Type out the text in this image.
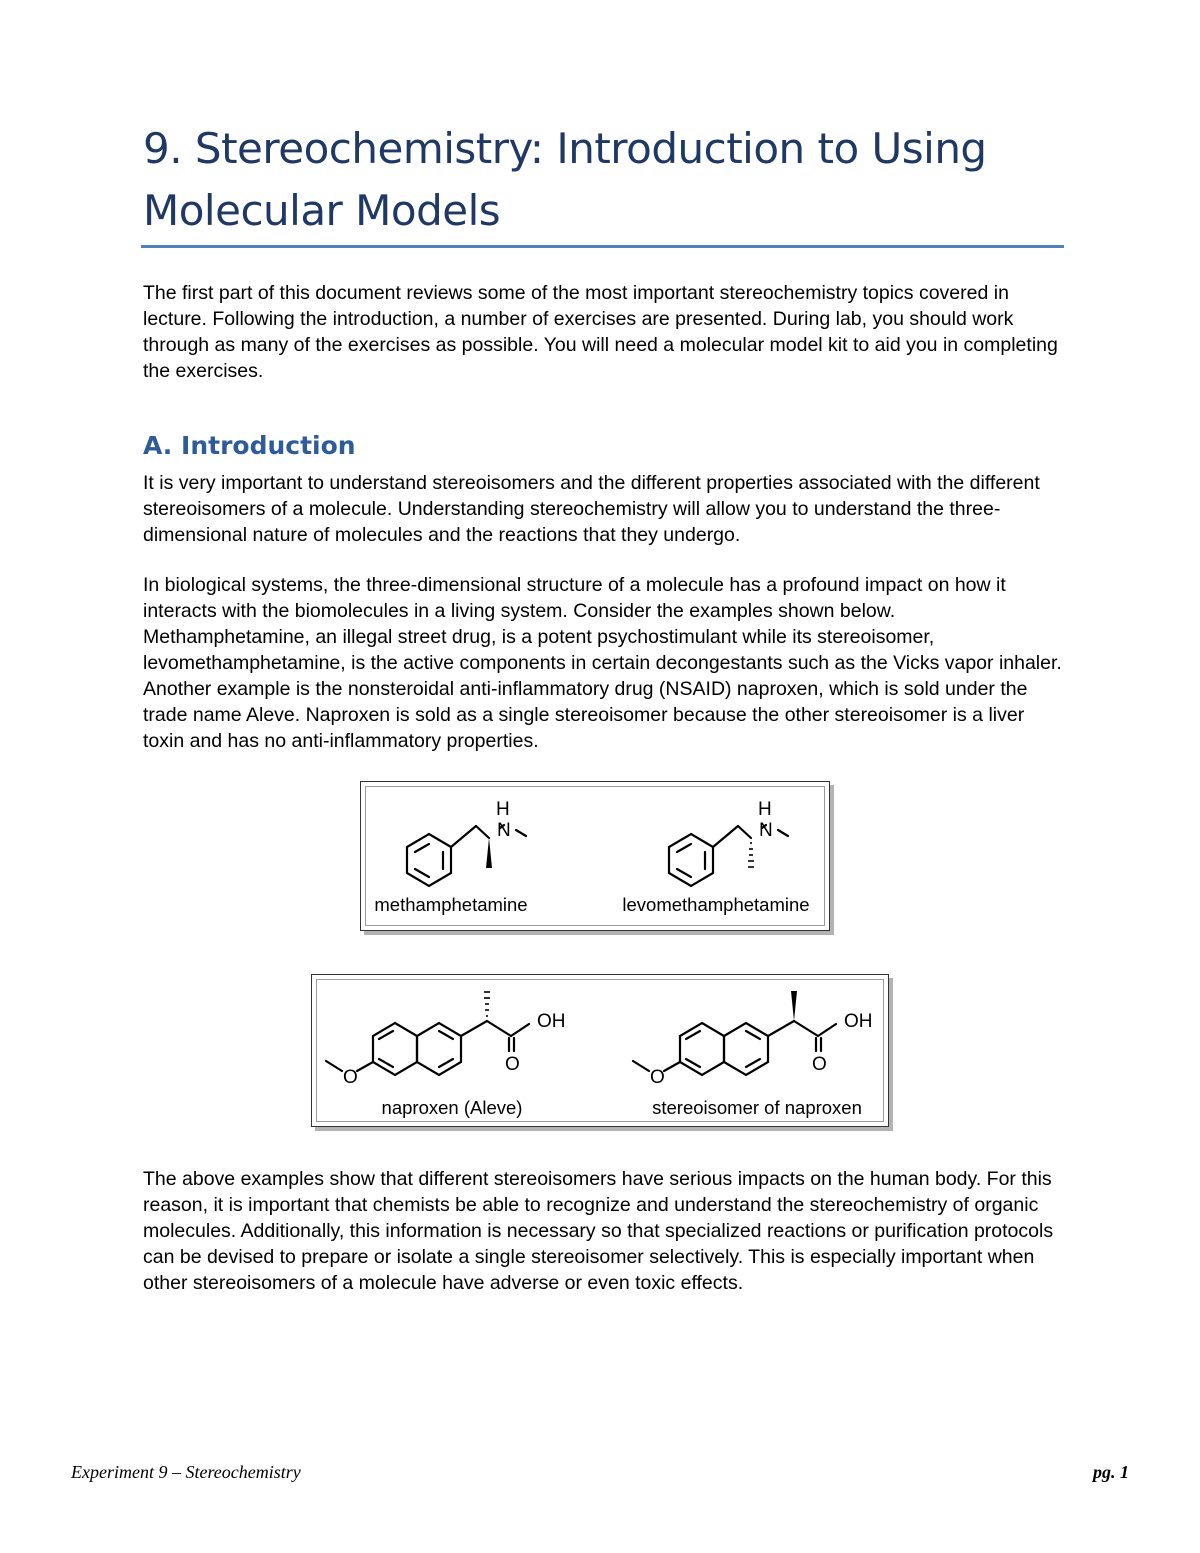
9. Stereochemistry: Introduction to Using Molecular Models

The first part of this document reviews some of the most important stereochemistry topics covered in lecture. Following the introduction, a number of exercises are presented. During lab, you should work through as many of the exercises as possible. You will need a molecular model kit to aid you in completing the exercises.

A. Introduction

It is very important to understand stereoisomers and the different properties associated with the different stereoisomers of a molecule. Understanding stereochemistry will allow you to understand the three-dimensional nature of molecules and the reactions that they undergo.

In biological systems, the three-dimensional structure of a molecule has a profound impact on how it interacts with the biomolecules in a living system. Consider the examples shown below. Methamphetamine, an illegal street drug, is a potent psychostimulant while its stereoisomer, levomethamphetamine, is the active components in certain decongestants such as the Vicks vapor inhaler. Another example is the nonsteroidal anti-inflammatory drug (NSAID) naproxen, which is sold under the trade name Aleve. Naproxen is sold as a single stereoisomer because the other stereoisomer is a liver toxin and has no anti-inflammatory properties.

H
N
H
N
methamphetamine	levomethamphetamine
OH
O
O
OH
O
O
naproxen (Aleve)	stereoisomer of naproxen

The above examples show that different stereoisomers have serious impacts on the human body. For this reason, it is important that chemists be able to recognize and understand the stereochemistry of organic molecules. Additionally, this information is necessary so that specialized reactions or purification protocols can be devised to prepare or isolate a single stereoisomer selectively. This is especially important when other stereoisomers of a molecule have adverse or even toxic effects.

Experiment 9 – Stereochemistry	pg. 1
